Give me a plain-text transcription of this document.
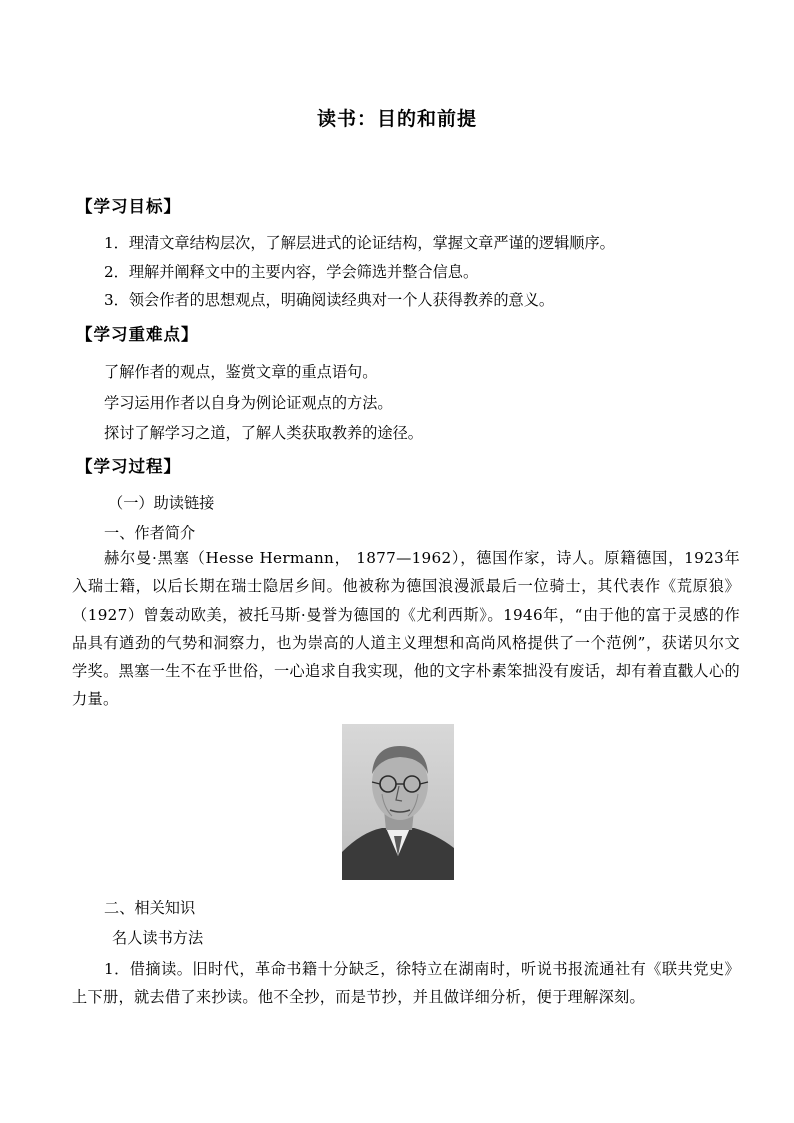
读书：目的和前提
【学习目标】
1．理清文章结构层次，了解层进式的论证结构，掌握文章严谨的逻辑顺序。
2．理解并阐释文中的主要内容，学会筛选并整合信息。
3．领会作者的思想观点，明确阅读经典对一个人获得教养的意义。
【学习重难点】
了解作者的观点，鉴赏文章的重点语句。
学习运用作者以自身为例论证观点的方法。
探讨了解学习之道，了解人类获取教养的途径。
【学习过程】
（一）助读链接
一、作者简介
赫尔曼·黑塞（Hesse Hermann， 1877—1962），德国作家，诗人。原籍德国，1923年入瑞士籍，以后长期在瑞士隐居乡间。他被称为德国浪漫派最后一位骑士，其代表作《荒原狼》（1927）曾轰动欧美，被托马斯·曼誉为德国的《尤利西斯》。1946年，“由于他的富于灵感的作品具有遒劲的气势和洞察力，也为崇高的人道主义理想和高尚风格提供了一个范例”，获诺贝尔文学奖。黑塞一生不在乎世俗，一心追求自我实现，他的文字朴素笨拙没有废话，却有着直戳人心的力量。
二、相关知识
名人读书方法
1．借摘读。旧时代，革命书籍十分缺乏，徐特立在湖南时，听说书报流通社有《联共党史》上下册，就去借了来抄读。他不全抄，而是节抄，并且做详细分析，便于理解深刻。
